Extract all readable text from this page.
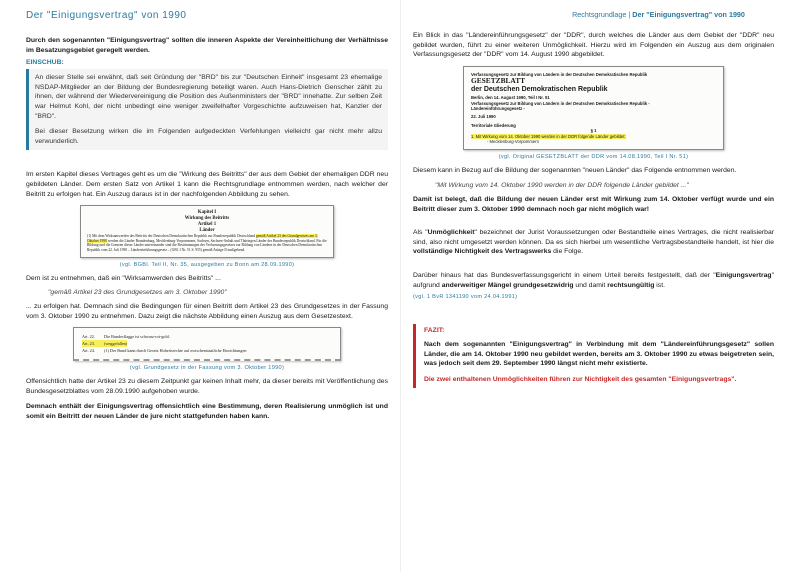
Der "Einigungsvertrag" von 1990

Durch den sogenannten "Einigungsvertrag" sollten die inneren Aspekte der Vereinheitlichung der Verhältnisse im Besatzungsgebiet geregelt werden.

EINSCHUB:

An dieser Stelle sei erwähnt, daß seit Gründung der "BRD" bis zur "Deutschen Einheit" insgesamt 23 ehemalige NSDAP-Mitglieder an der Bildung der Bundesregierung beteiligt waren. Auch Hans-Dietrich Genscher zählt zu ihnen, der während der Wiedervereinigung die Position des Außenministers der "BRD" innehatte. Zur selben Zeit war Helmut Kohl, der nicht unbedingt eine weniger zweifelhafter Vorgeschichte aufzuweisen hat, Kanzler der "BRD".

Bei dieser Besetzung wirken die im Folgenden aufgedeckten Verfehlungen vielleicht gar nicht mehr allzu verwunderlich.

Im ersten Kapitel dieses Vertrages geht es um die "Wirkung des Beitritts" der aus dem Gebiet der ehemaligen DDR neu gebildeten Länder. Dem ersten Satz von Artikel 1 kann die Rechtsgrundlage entnommen werden, nach welcher der Beitritt zu erfolgen hat. Ein Auszug daraus ist in der nachfolgenden Abbildung zu sehen.

Kapitel I
Wirkung des Beitritts
Artikel 1
Länder
(1) Mit dem Wirksamwerden des Beitritts der Deutschen Demokratischen Republik zur Bundesrepublik Deutschland gemäß Artikel 23 des Grundgesetzes am 3. Oktober 1990 werden die Länder Brandenburg, Mecklenburg-Vorpommern, Sachsen, Sachsen-Anhalt und Thüringen Länder der Bundesrepublik Deutschland. Für die Bildung und die Grenzen dieser Länder untereinander sind die Bestimmungen des Verfassungsgesetzes zur Bildung von Ländern in der Deutschen Demokratischen Republik vom 22. Juli 1990 – Ländereinführungsgesetz – (GBl. I Nr. 51 S. 955) gemäß Anlage II maßgebend.
(vgl. BGBl. Teil II, Nr. 35, ausgegeben zu Bonn am 28.09.1990)

Dem ist zu entnehmen, daß ein "Wirksamwerden des Beitritts" ...

"gemäß Artikel 23 des Grundgesetzes am 3. Oktober 1990"

... zu erfolgen hat. Demnach sind die Bedingungen für einen Beitritt dem Artikel 23 des Grundgesetzes in der Fassung vom 3. Oktober 1990 zu entnehmen. Dazu zeigt die nächste Abbildung einen Auszug aus dem Gesetzestext.

Art. 22.	Die Bundesflagge ist schwarz-rot-gold.
Art. 23.	(weggefallen)
Art. 24.	(1) Der Bund kann durch Gesetz Hoheitsrechte auf zwischenstaatliche Einrichtungen
(vgl. Grundgesetz in der Fassung vom 3. Oktober 1990)

Offensichtlich hatte der Artikel 23 zu diesem Zeitpunkt gar keinen Inhalt mehr, da dieser bereits mit Veröffentlichung des Bundesgesetzblattes vom 28.09.1990 aufgehoben wurde.

Demnach enthält der Einigungsvertrag offensichtlich eine Bestimmung, deren Realisierung unmöglich ist und somit ein Beitritt der neuen Länder de jure nicht stattgefunden haben kann.

Rechtsgrundlage | Der "Einigungsvertrag" von 1990

Ein Blick in das "Ländereinführungsgesetz" der "DDR", durch welches die Länder aus dem Gebiet der "DDR" neu gebildet wurden, führt zu einer weiteren Unmöglichkeit. Hierzu wird im Folgenden ein Auszug aus dem originalen Verfassungsgesetz der "DDR" vom 14. August 1990 abgebildet.

Verfassungsgesetz zur Bildung von Ländern in der Deutschen Demokratischen Republik
GESETZBLATT
der Deutschen Demokratischen Republik
Berlin, den 14. August 1990, Teil I Nr. 51
Verfassungsgesetz zur Bildung von Ländern in der Deutschen Demokratischen Republik -
Ländereinführungsgesetz -
22. Juli 1990
Territoriale Gliederung
§ 1
1. Mit Wirkung vom 14. Oktober 1990 werden in der DDR folgende Länder gebildet:
- Mecklenburg-Vorpommern
(vgl. Original GESETZBLATT der DDR vom 14.08.1990, Teil I Nr. 51)

Diesem kann in Bezug auf die Bildung der sogenannten "neuen Länder" das Folgende entnommen werden.

"Mit Wirkung vom 14. Oktober 1990 werden in der DDR folgende Länder gebildet ..."

Damit ist belegt, daß die Bildung der neuen Länder erst mit Wirkung zum 14. Oktober verfügt wurde und ein Beitritt dieser zum 3. Oktober 1990 demnach noch gar nicht möglich war!

Als "Unmöglichkeit" bezeichnet der Jurist Voraussetzungen oder Bestandteile eines Vertrages, die nicht realisierbar sind, also nicht umgesetzt werden können. Da es sich hierbei um wesentliche Vertragsbestandteile handelt, ist hier die vollständige Nichtigkeit des Vertragswerks die Folge.

Darüber hinaus hat das Bundesverfassungsgericht in einem Urteil bereits festgestellt, daß der "Einigungsvertrag" aufgrund anderweitiger Mängel grundgesetzwidrig und damit rechtsungültig ist.

(vgl. 1 BvR 1341190 vom 24.04.1991)
FAZIT:

Nach dem sogenannten "Einigungsvertrag" in Verbindung mit dem "Ländereinführungsgesetz" sollen Länder, die am 14. Oktober 1990 neu gebildet werden, bereits am 3. Oktober 1990 zu etwas beigetreten sein, was jedoch seit dem 29. September 1990 längst nicht mehr existierte.

Die zwei enthaltenen Unmöglichkeiten führen zur Nichtigkeit des gesamten "Einigungsvertrags".
